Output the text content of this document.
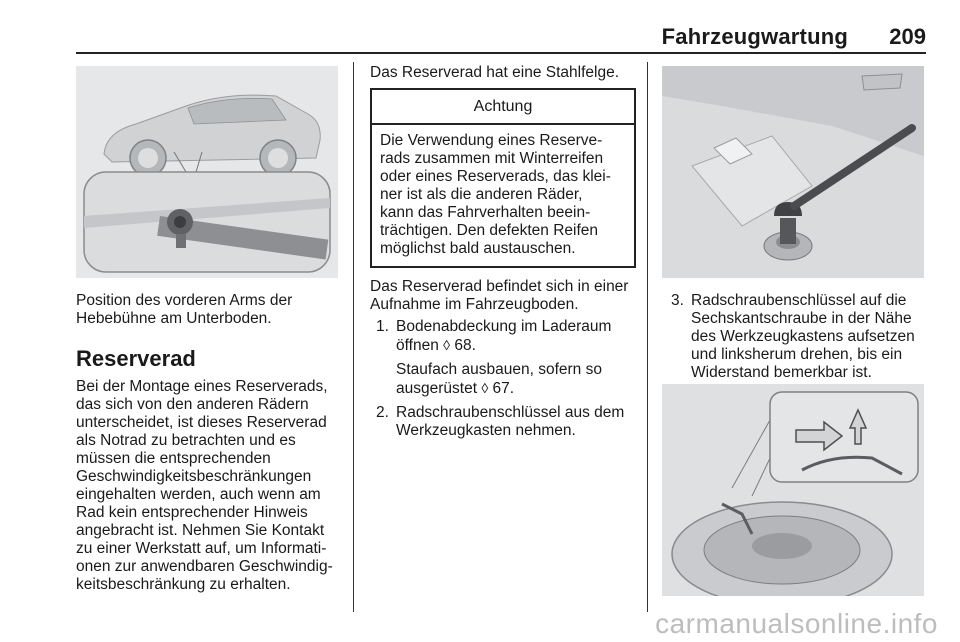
Fahrzeugwartung 209

Position des vorderen Arms der

Hebebühne am Unterboden.

Reserverad

Bei der Montage eines Reserverads,

das sich von den anderen Rädern

unterscheidet, ist dieses Reserverad

als Notrad zu betrachten und es

müssen die entsprechenden

Geschwindigkeitsbeschränkungen

eingehalten werden, auch wenn am

Rad kein entsprechender Hinweis

angebracht ist. Nehmen Sie Kontakt

zu einer Werkstatt auf, um Informati-

onen zur anwendbaren Geschwindig-

keitsbeschränkung zu erhalten.

Das Reserverad hat eine Stahlfelge.

Achtung

Die Verwendung eines Reserve-

rads zusammen mit Winterreifen

oder eines Reserverads, das klei-

ner ist als die anderen Räder,

kann das Fahrverhalten beein-

trächtigen. Den defekten Reifen

möglichst bald austauschen.

Das Reserverad befindet sich in einer

Aufnahme im Fahrzeugboden.

1. Bodenabdeckung im Laderaum

öffnen ◊ 68.

Staufach ausbauen, sofern so

ausgerüstet ◊ 67.

2. Radschraubenschlüssel aus dem

Werkzeugkasten nehmen.

3. Radschraubenschlüssel auf die

Sechskantschraube in der Nähe

des Werkzeugkastens aufsetzen

und linksherum drehen, bis ein

Widerstand bemerkbar ist.

carmanualsonline.info
